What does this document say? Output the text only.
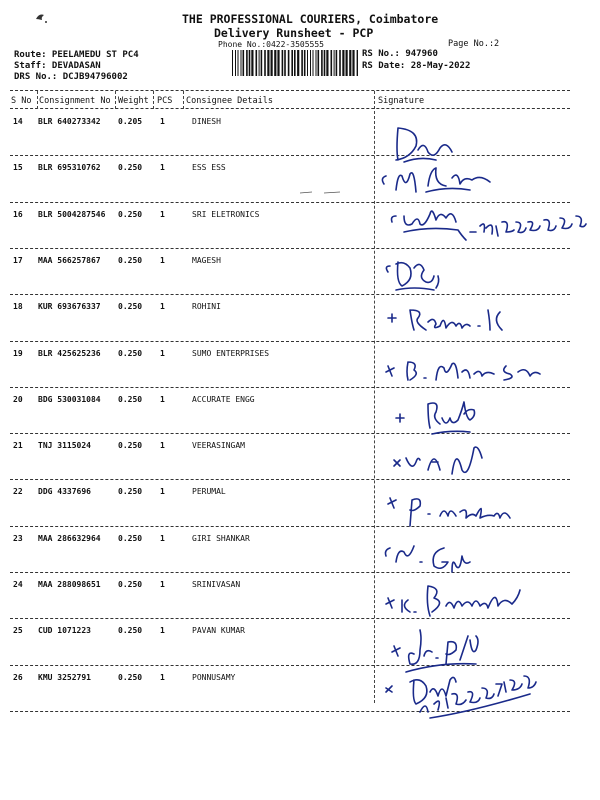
THE PROFESSIONAL COURIERS, Coimbatore
Delivery Runsheet - PCP
Phone No.:0422-3505555	Page No.:2
Route: PEELAMEDU ST PC4
Staff: DEVADASAN
DRS No.: DCJB94796002
RS No.: 947960
RS Date: 28-May-2022
S No Consignment No Weight PCS Consignee Details	Signature
14 BLR 640273342 0.205 1	DINESH
15 BLR 695310762 0.250 1	ESS ESS
16 BLR 5004287546 0.250 1	SRI ELETRONICS
17 MAA 566257867 0.250 1	MAGESH
18 KUR 693676337 0.250 1	ROHINI
19 BLR 425625236 0.250 1	SUMO ENTERPRISES
20 BDG 530031084 0.250 1	ACCURATE ENGG
21 TNJ 3115024	0.250 1	VEERASINGAM
22 DDG 4337696	0.250 1	PERUMAL
23 MAA 286632964 0.250 1	GIRI SHANKAR
24 MAA 288098651 0.250 1	SRINIVASAN
25 CUD 1071223	0.250 1	PAVAN KUMAR
26 KMU 3252791	0.250 1	PONNUSAMY
